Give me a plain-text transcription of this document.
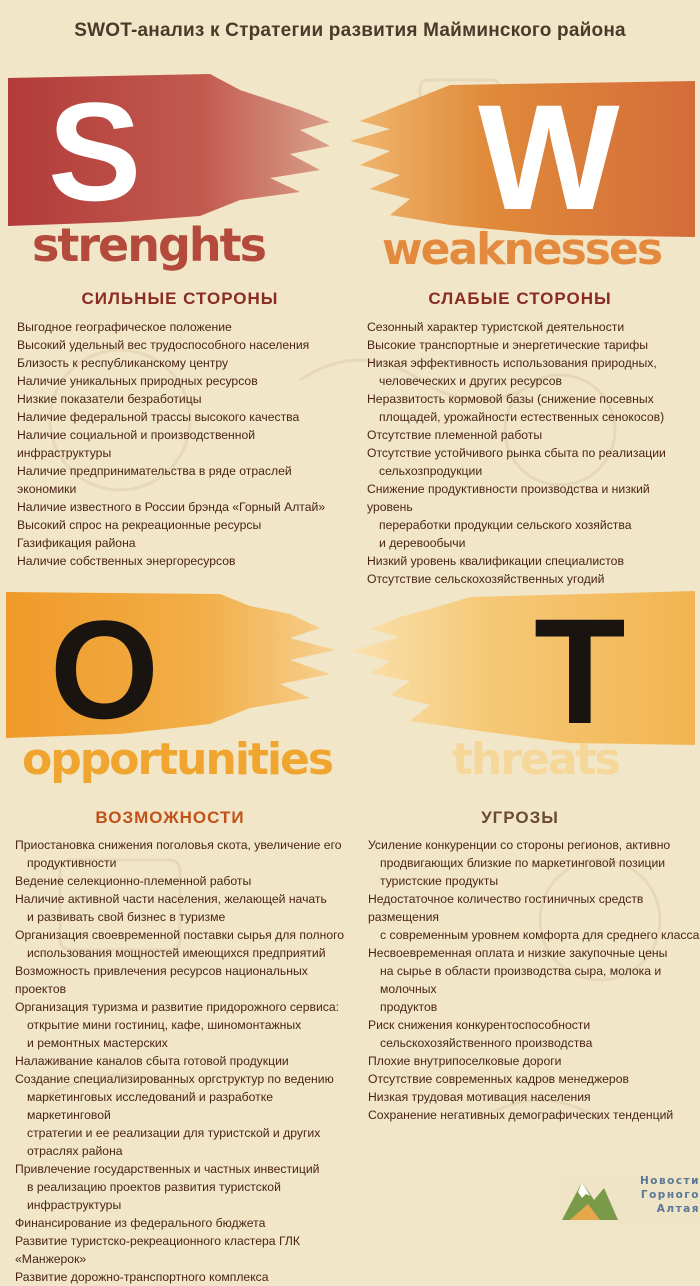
SWOT-анализ к Стратегии развития Майминского района
S
strenghts
W
weaknesses
СИЛЬНЫЕ СТОРОНЫ	СЛАБЫЕ СТОРОНЫ
Выгодное географическое положение
Высокий удельный вес трудоспособного населения
Близость к республиканскому центру
Наличие уникальных природных ресурсов
Низкие показатели безработицы
Наличие федеральной трассы высокого качества
Наличие социальной и производственной инфраструктуры
Наличие предпринимательства в ряде отраслей экономики
Наличие известного в России брэнда «Горный Алтай»
Высокий спрос на рекреационные ресурсы
Газификация района
Наличие собственных энергоресурсов
Сезонный характер туристской деятельности
Высокие транспортные и энергетические тарифы
Низкая эффективность использования природных,
человеческих и других ресурсов
Неразвитость кормовой базы (снижение посевных
площадей, урожайности естественных сенокосов)
Отсутствие племенной работы
Отсутствие устойчивого рынка сбыта по реализации
сельхозпродукции
Снижение продуктивности производства и низкий уровень
переработки продукции сельского хозяйства
и деревообычи
Низкий уровень квалификации специалистов
Отсутствие сельскохозяйственных угодий
O
opportunities
T
threats
ВОЗМОЖНОСТИ	УГРОЗЫ
Приостановка снижения поголовья скота, увеличение его
продуктивности
Ведение селекционно-племенной работы
Наличие активной части населения, желающей начать
и развивать свой бизнес в туризме
Организация своевременной поставки сырья для полного
использования мощностей имеющихся предприятий
Возможность привлечения ресурсов национальных проектов
Организация туризма и развитие придорожного сервиса:
открытие мини гостиниц, кафе, шиномонтажных
и ремонтных мастерских
Налаживание каналов сбыта готовой продукции
Создание специализированных оргструктур по ведению
маркетинговых исследований и разработке маркетинговой
стратегии и ее реализации для туристской и других
отраслях района
Привлечение государственных и частных инвестиций
в реализацию проектов развития туристской инфраструктуры
Финансирование из федерального бюджета
Развитие туристско-рекреационного кластера ГЛК «Манжерок»
Развитие дорожно-транспортного комплекса
Усиление конкуренции со стороны регионов, активно
продвигающих близкие по маркетинговой позиции
туристские продукты
Недостаточное количество гостиничных средств размещения
с современным уровнем комфорта для среднего класса
Несвоевременная оплата и низкие закупочные цены
на сырье в области производства сыра, молока и молочных
продуктов
Риск снижения конкурентоспособности
сельскохозяйственного производства
Плохие внутрипоселковые дороги
Отсутствие современных кадров менеджеров
Низкая трудовая мотивация населения
Сохранение негативных демографических тенденций
Новости
Горного
Алтая
